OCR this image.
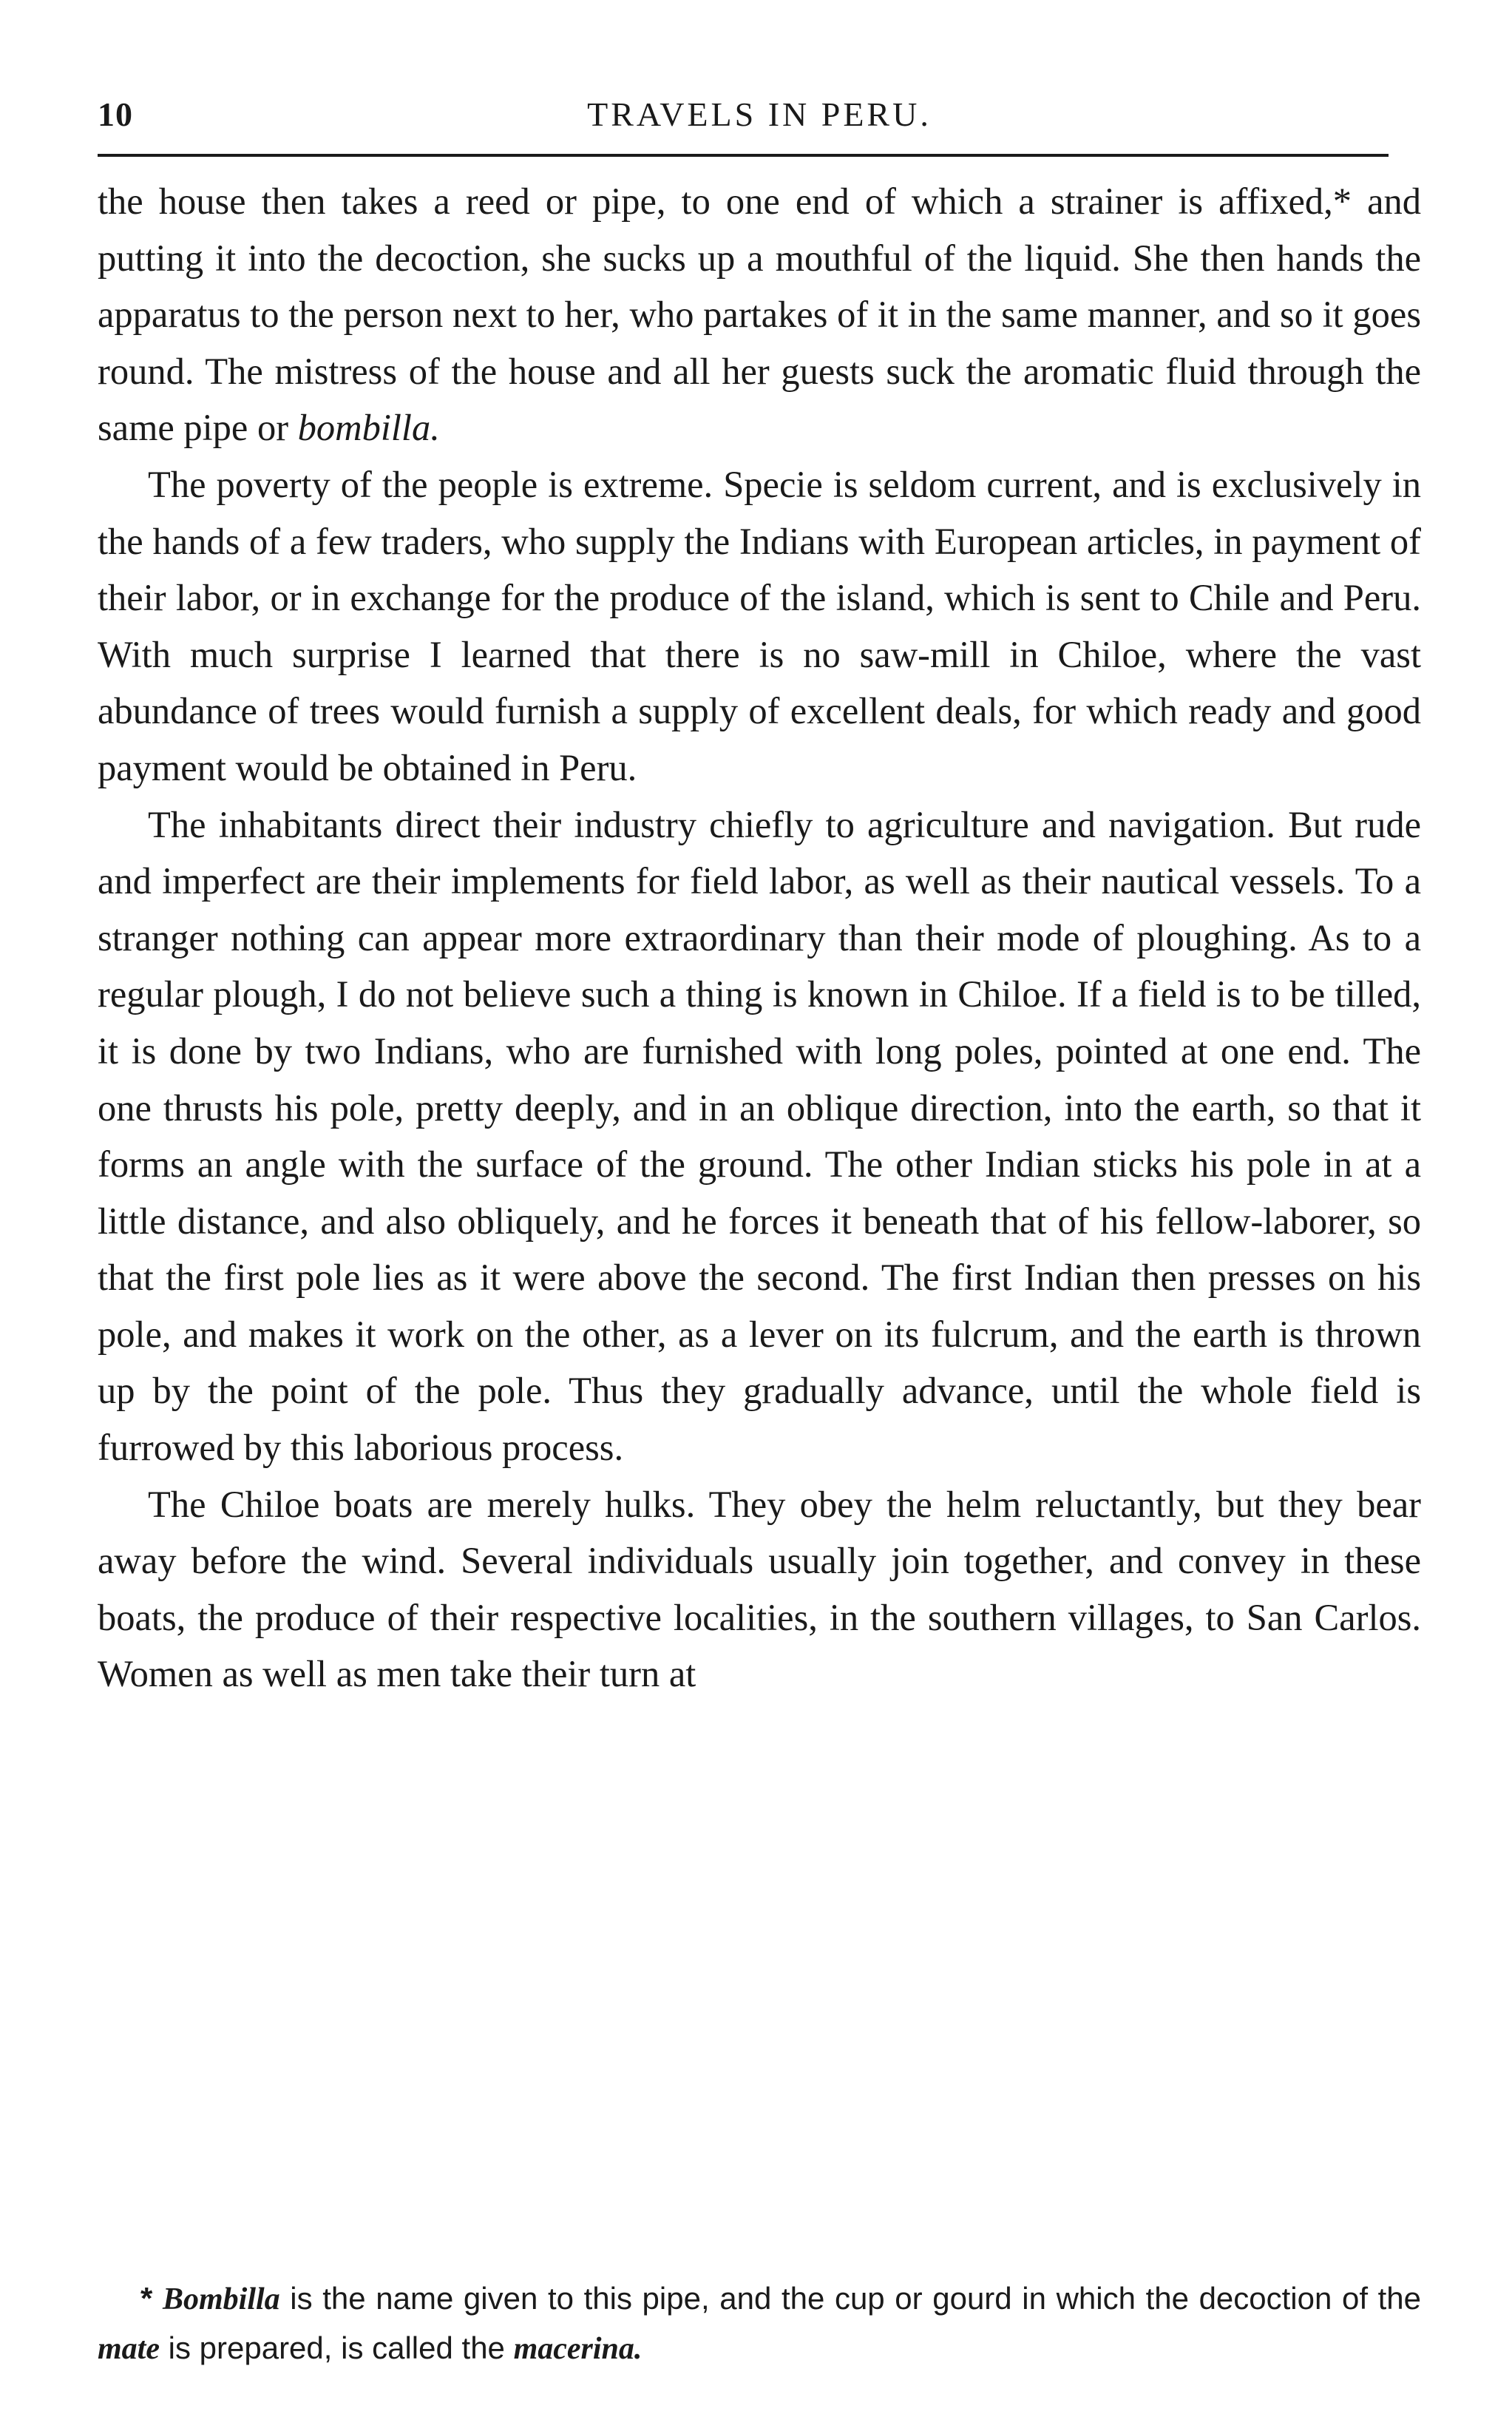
10	TRAVELS IN PERU.

the house then takes a reed or pipe, to one end of which a strainer is affixed,* and putting it into the decoction, she sucks up a mouthful of the liquid. She then hands the apparatus to the person next to her, who partakes of it in the same manner, and so it goes round. The mistress of the house and all her guests suck the aromatic fluid through the same pipe or bombilla.

The poverty of the people is extreme. Specie is seldom current, and is exclusively in the hands of a few traders, who supply the Indians with European articles, in payment of their labor, or in exchange for the produce of the island, which is sent to Chile and Peru. With much surprise I learned that there is no saw-mill in Chiloe, where the vast abundance of trees would furnish a supply of excellent deals, for which ready and good payment would be obtained in Peru.

The inhabitants direct their industry chiefly to agriculture and navigation. But rude and imperfect are their implements for field labor, as well as their nautical vessels. To a stranger nothing can appear more extraordinary than their mode of ploughing. As to a regular plough, I do not believe such a thing is known in Chiloe. If a field is to be tilled, it is done by two Indians, who are furnished with long poles, pointed at one end. The one thrusts his pole, pretty deeply, and in an oblique direction, into the earth, so that it forms an angle with the surface of the ground. The other Indian sticks his pole in at a little distance, and also obliquely, and he forces it beneath that of his fellow-laborer, so that the first pole lies as it were above the second. The first Indian then presses on his pole, and makes it work on the other, as a lever on its fulcrum, and the earth is thrown up by the point of the pole. Thus they gradually advance, until the whole field is furrowed by this laborious process.

The Chiloe boats are merely hulks. They obey the helm reluctantly, but they bear away before the wind. Several individuals usually join together, and convey in these boats, the produce of their respective localities, in the southern villages, to San Carlos. Women as well as men take their turn at

* Bombilla is the name given to this pipe, and the cup or gourd in which the decoction of the mate is prepared, is called the macerina.
